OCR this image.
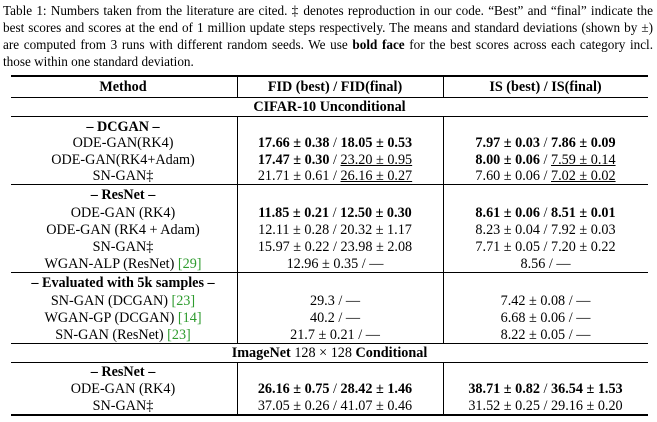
Table 1: Numbers taken from the literature are cited. ‡ denotes reproduction in our code. “Best” and “final” indicate the best scores and scores at the end of 1 million update steps respectively. The means and standard deviations (shown by ±) are computed from 3 runs with different random seeds. We use bold face for the best scores across each category incl. those within one standard deviation.
Method	FID (best) / FID(final)	IS (best) / IS(final)
CIFAR-10 Unconditional
– DCGAN –
ODE-GAN(RK4)	17.66 ± 0.38 / 18.05 ± 0.53	7.97 ± 0.03 / 7.86 ± 0.09
ODE-GAN(RK4+Adam)	17.47 ± 0.30 / 23.20 ± 0.95	8.00 ± 0.06 / 7.59 ± 0.14
SN-GAN‡	21.71 ± 0.61 / 26.16 ± 0.27	7.60 ± 0.06 / 7.02 ± 0.02
– ResNet –
ODE-GAN (RK4)	11.85 ± 0.21 / 12.50 ± 0.30	8.61 ± 0.06 / 8.51 ± 0.01
ODE-GAN (RK4 + Adam)	12.11 ± 0.28 / 20.32 ± 1.17	8.23 ± 0.04 / 7.92 ± 0.03
SN-GAN‡	15.97 ± 0.22 / 23.98 ± 2.08	7.71 ± 0.05 / 7.20 ± 0.22
WGAN-ALP (ResNet) [29]	12.96 ± 0.35 / —	8.56 / —
– Evaluated with 5k samples –
SN-GAN (DCGAN) [23]	29.3 / —	7.42 ± 0.08 / —
WGAN-GP (DCGAN) [14]	40.2 / —	6.68 ± 0.06 / —
SN-GAN (ResNet) [23]	21.7 ± 0.21 / —	8.22 ± 0.05 / —
ImageNet 128 × 128 Conditional
– ResNet –
ODE-GAN (RK4)	26.16 ± 0.75 / 28.42 ± 1.46	38.71 ± 0.82 / 36.54 ± 1.53
SN-GAN‡	37.05 ± 0.26 / 41.07 ± 0.46	31.52 ± 0.25 / 29.16 ± 0.20
